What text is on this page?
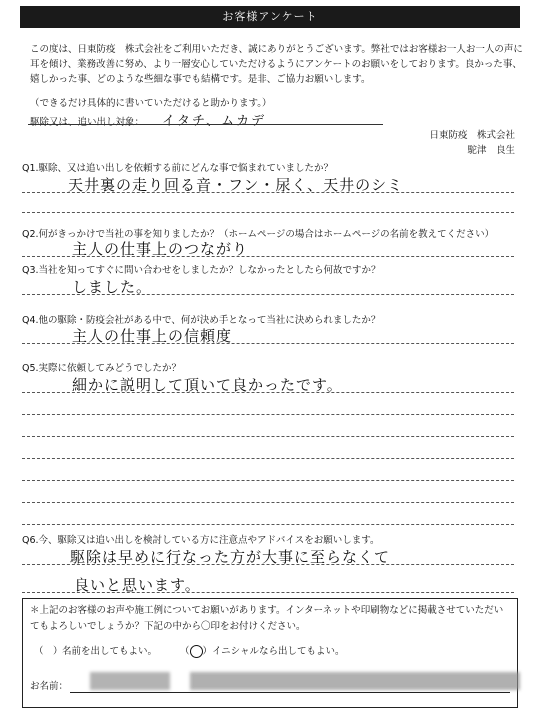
お客様アンケート
この度は、日東防疫　株式会社をご利用いただき、誠にありがとうございます。弊社ではお客様お一人お一人の声に耳を傾け、業務改善に努め、より一層安心していただけるようにアンケートのお願いをしております。良かった事、嬉しかった事、どのような些細な事でも結構です。是非、ご協力お願いします。
（できるだけ具体的に書いていただけると助かります。）
駆除又は、追い出し対象： イタチ、ムカデ
日東防疫　株式会社
駝津　良生
Q1.駆除、又は追い出しを依頼する前にどんな事で悩まれていましたか？
天井裏の走り回る音・フン・尿く、天井のシミ
Q2.何がきっかけで当社の事を知りましたか？（ホームページの場合はホームページの名前を教えてください）
主人の仕事上のつながり
Q3.当社を知ってすぐに問い合わせをしましたか？しなかったとしたら何故ですか？
しました。
Q4.他の駆除・防疫会社がある中で、何が決め手となって当社に決められましたか？
主人の仕事上の信頼度
Q5.実際に依頼してみどうでしたか？
細かに説明して頂いて良かったです。
Q6.今、駆除又は追い出しを検討している方に注意点やアドバイスをお願いします。
駆除は早めに行なった方が大事に至らなくて
良いと思います。
＊上記のお客様のお声や施工例についてお願いがあります。インターネットや印刷物などに掲載させていただいてもよろしいでしょうか？下記の中から〇印をお付けください。
（　）名前を出してもよい。 （ ）イニシャルなら出してもよい。
お名前：
